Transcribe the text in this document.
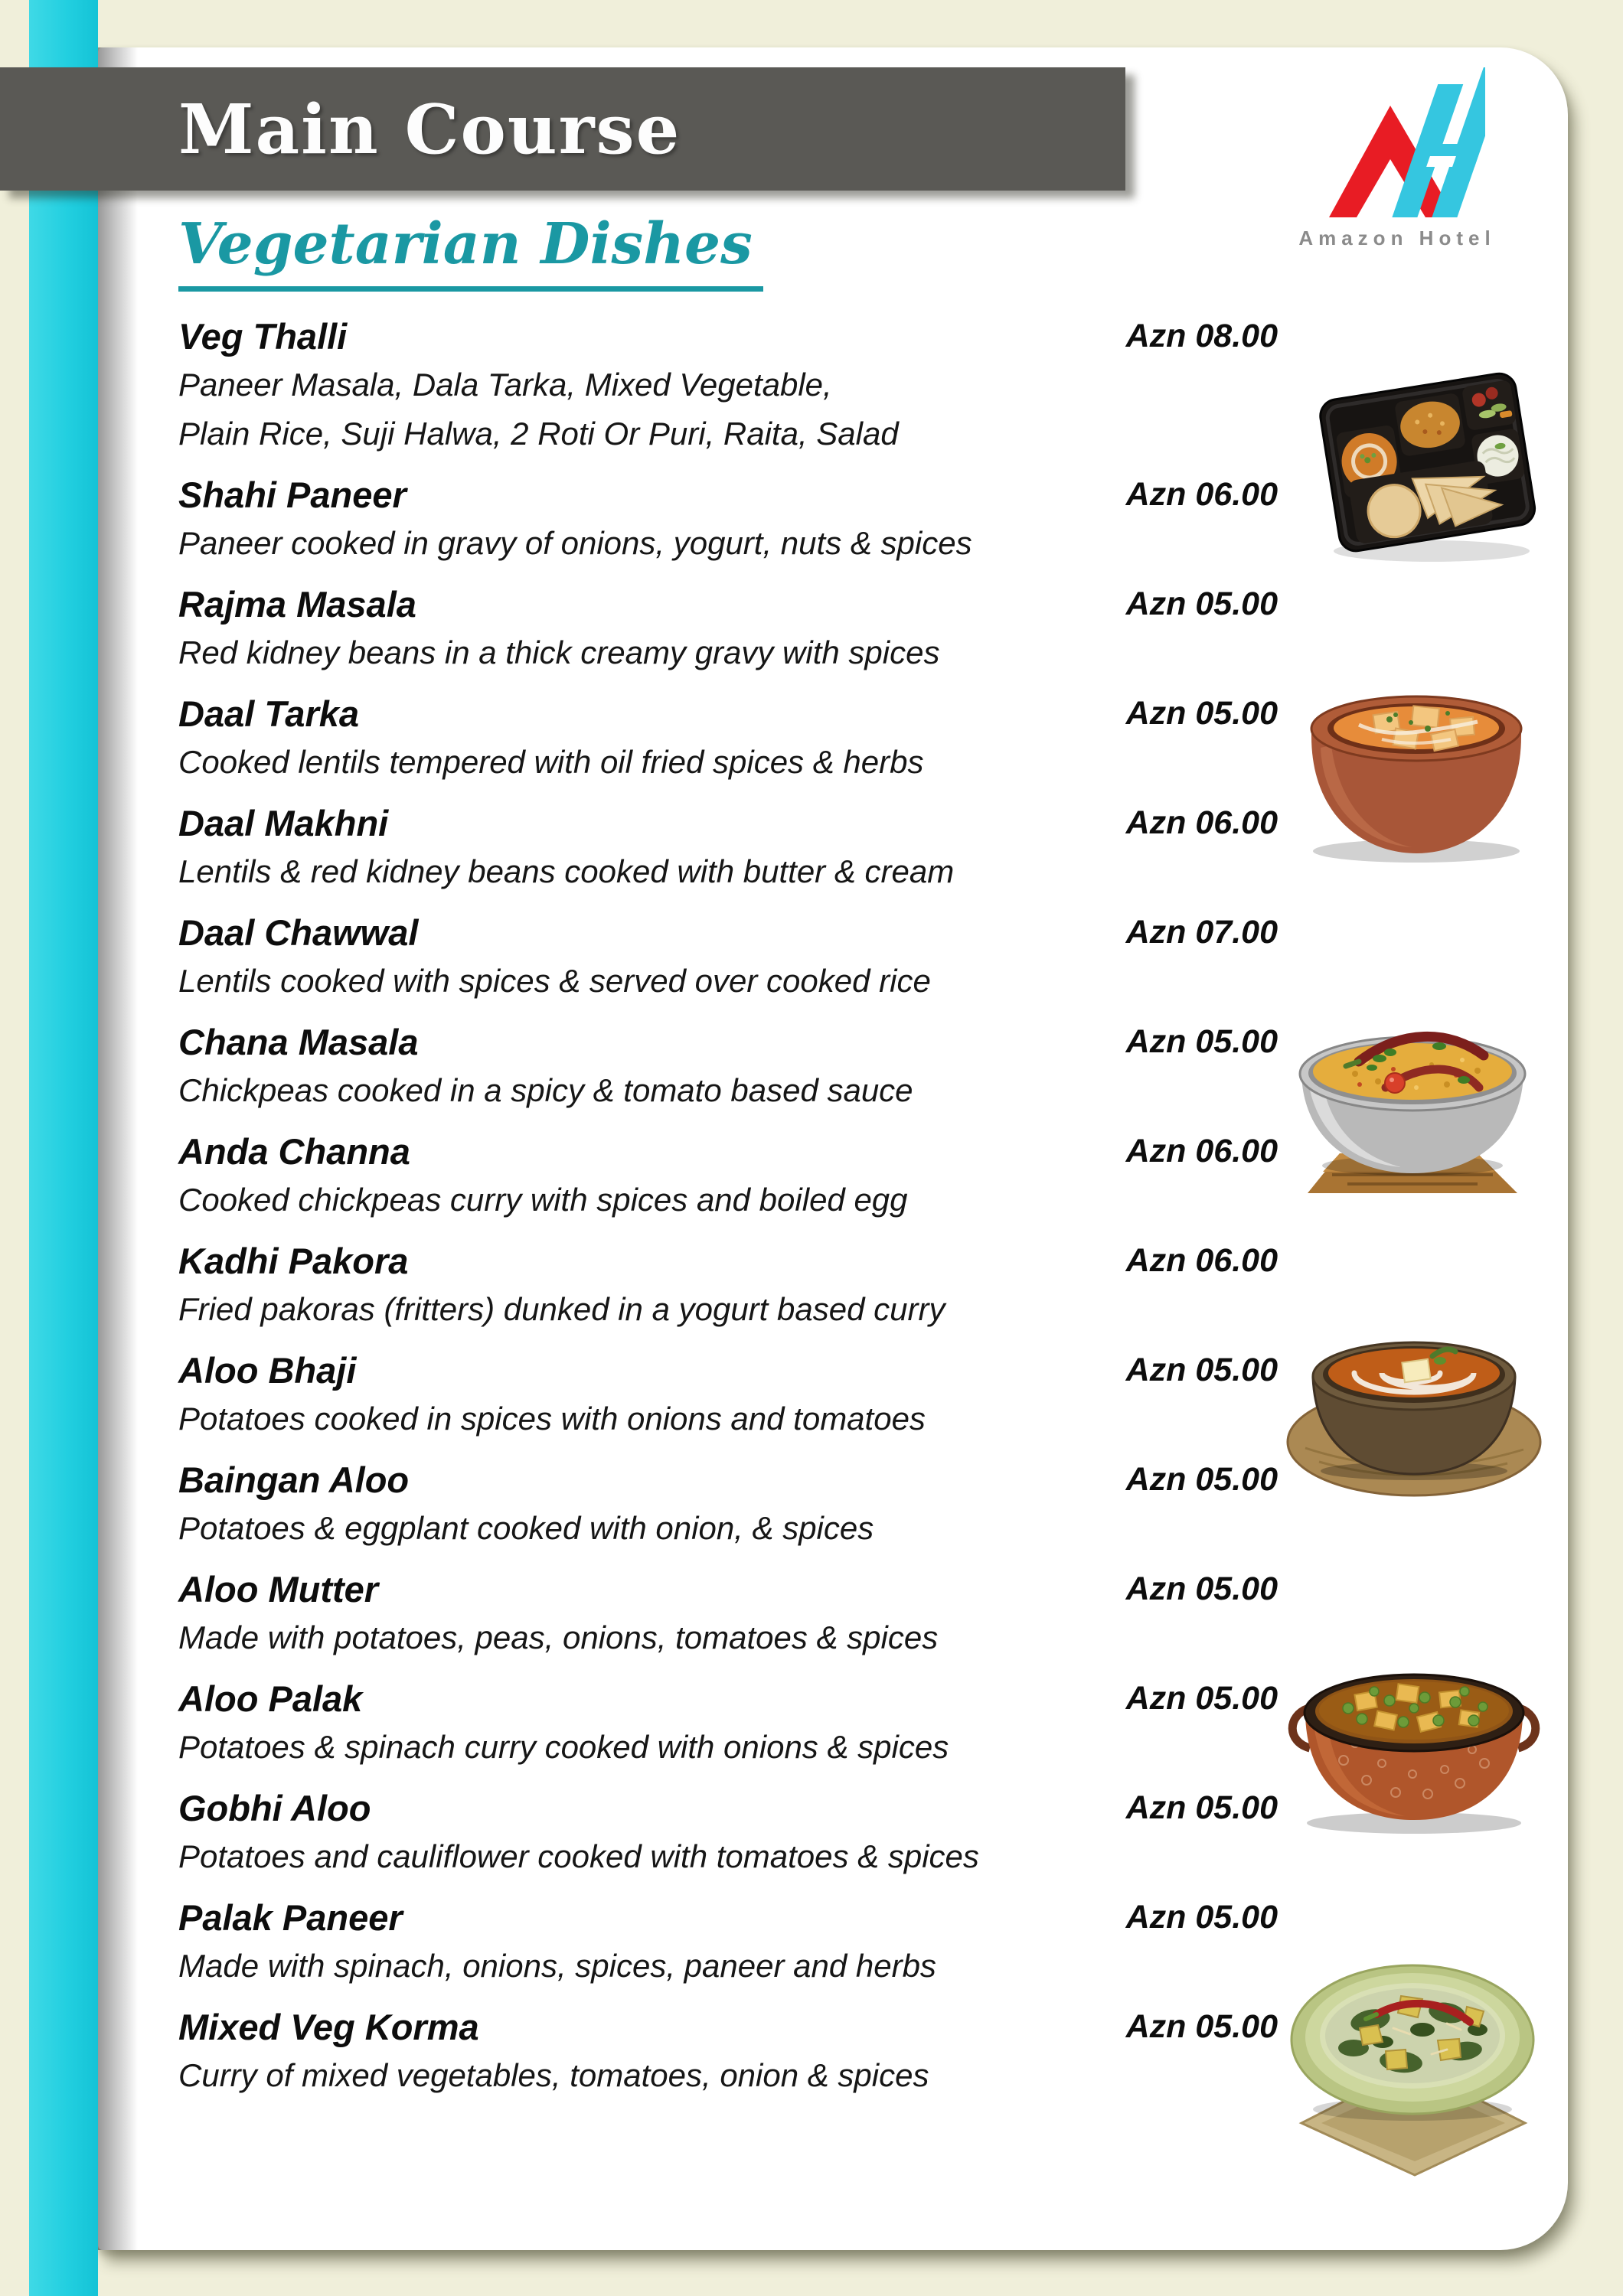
Main Course
Amazon Hotel
Vegetarian Dishes
Veg Thalli	Azn 08.00
Paneer Masala, Dala Tarka, Mixed Vegetable,
Plain Rice, Suji Halwa, 2 Roti Or Puri, Raita, Salad
Shahi Paneer	Azn 06.00
Paneer cooked in gravy of onions, yogurt, nuts & spices
Rajma Masala	Azn 05.00
Red kidney beans in a thick creamy gravy with spices
Daal Tarka	Azn 05.00
Cooked lentils tempered with oil fried spices & herbs
Daal Makhni	Azn 06.00
Lentils & red kidney beans cooked with butter & cream
Daal Chawwal	Azn 07.00
Lentils cooked with spices & served over cooked rice
Chana Masala	Azn 05.00
Chickpeas cooked in a spicy & tomato based sauce
Anda Channa	Azn 06.00
Cooked chickpeas curry with spices and boiled egg
Kadhi Pakora	Azn 06.00
Fried pakoras (fritters) dunked in a yogurt based curry
Aloo Bhaji	Azn 05.00
Potatoes cooked in spices with onions and tomatoes
Baingan Aloo	Azn 05.00
Potatoes & eggplant cooked with onion, & spices
Aloo Mutter	Azn 05.00
Made with potatoes, peas, onions, tomatoes & spices
Aloo Palak	Azn 05.00
Potatoes & spinach curry cooked with onions & spices
Gobhi Aloo	Azn 05.00
Potatoes and cauliflower cooked with tomatoes & spices
Palak Paneer	Azn 05.00
Made with spinach, onions, spices, paneer and herbs
Mixed Veg Korma	Azn 05.00
Curry of mixed vegetables, tomatoes, onion & spices
